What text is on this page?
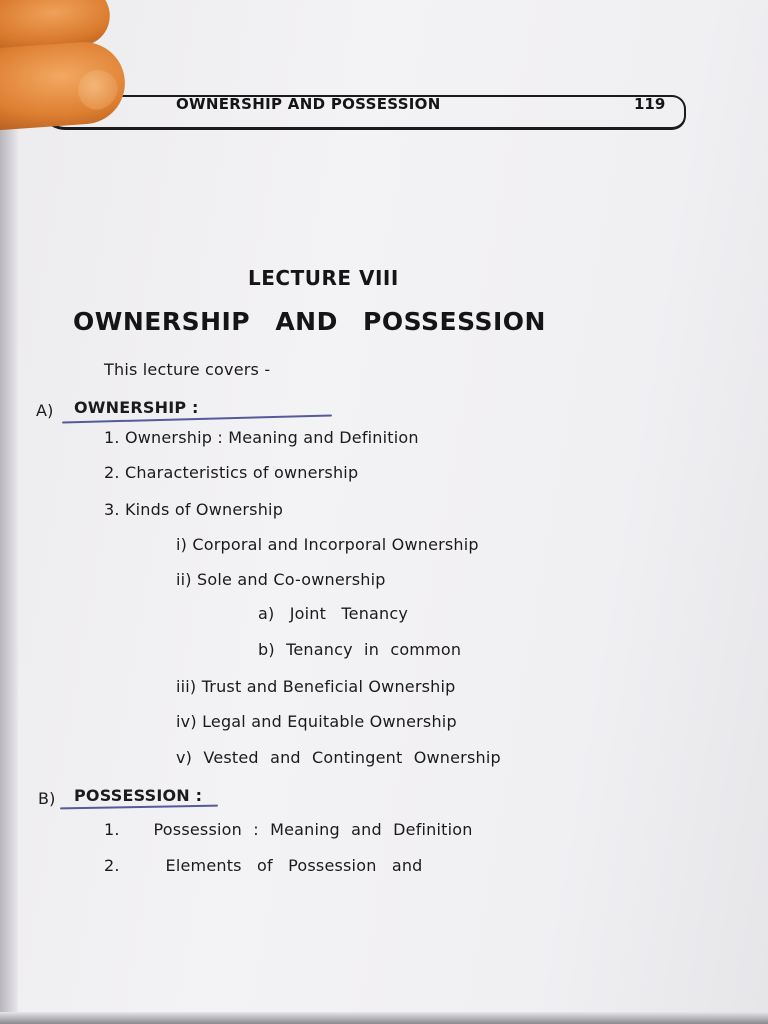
OWNERSHIP AND POSSESSION	119
LECTURE VIII
OWNERSHIP AND POSSESSION
This lecture covers -
A) OWNERSHIP :
1. Ownership : Meaning and Definition
2. Characteristics of ownership
3. Kinds of Ownership
i) Corporal and Incorporal Ownership
ii) Sole and Co-ownership
a) Joint Tenancy
b) Tenancy in common
iii) Trust and Beneficial Ownership
iv) Legal and Equitable Ownership
v) Vested and Contingent Ownership
B) POSSESSION :
1. Possession : Meaning and Definition
2.	Elements of Possession and
